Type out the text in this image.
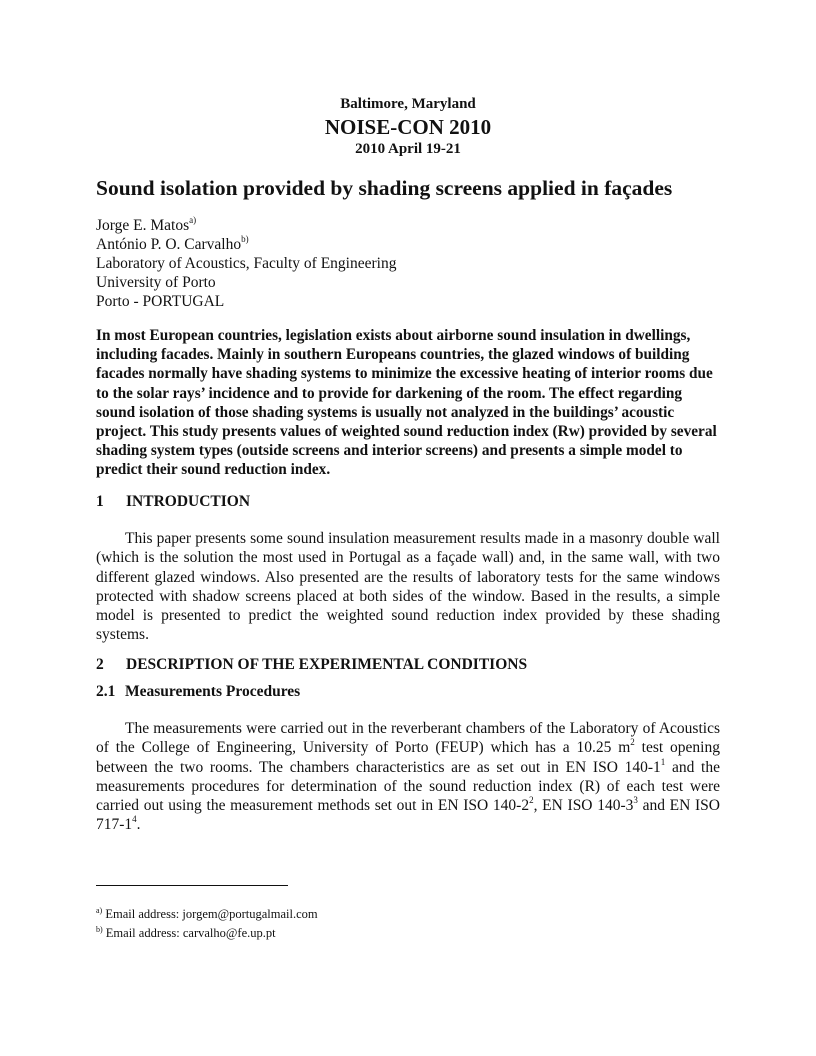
Baltimore, Maryland
NOISE-CON 2010
2010 April 19-21
Sound isolation provided by shading screens applied in façades
Jorge E. Matos$^{a)}$
António P. O. Carvalho$^{b)}$
Laboratory of Acoustics, Faculty of Engineering
University of Porto
Porto - PORTUGAL

In most European countries, legislation exists about airborne sound insulation in dwellings, including facades. Mainly in southern Europeans countries, the glazed windows of building facades normally have shading systems to minimize the excessive heating of interior rooms due to the solar rays’ incidence and to provide for darkening of the room. The effect regarding sound isolation of those shading systems is usually not analyzed in the buildings’ acoustic project. This study presents values of weighted sound reduction index (Rw) provided by several shading system types (outside screens and interior screens) and presents a simple model to predict their sound reduction index.

1 INTRODUCTION

This paper presents some sound insulation measurement results made in a masonry double wall (which is the solution the most used in Portugal as a façade wall) and, in the same wall, with two different glazed windows. Also presented are the results of laboratory tests for the same windows protected with shadow screens placed at both sides of the window. Based in the results, a simple model is presented to predict the weighted sound reduction index provided by these shading systems.

2 DESCRIPTION OF THE EXPERIMENTAL CONDITIONS
2.1 Measurements Procedures

The measurements were carried out in the reverberant chambers of the Laboratory of Acoustics of the College of Engineering, University of Porto (FEUP) which has a 10.25 $m^2$ test opening between the two rooms. The chambers characteristics are as set out in EN ISO $140-1^1$ and the measurements procedures for determination of the sound reduction index (R) of each test were carried out using the measurement methods set out in EN ISO $140-2^2$, EN ISO $140-3^3$ and EN ISO $717-1^4$.

$^{a)}$ Email address: jorgem@portugalmail.com
$^{b)}$ Email address: carvalho@fe.up.pt
